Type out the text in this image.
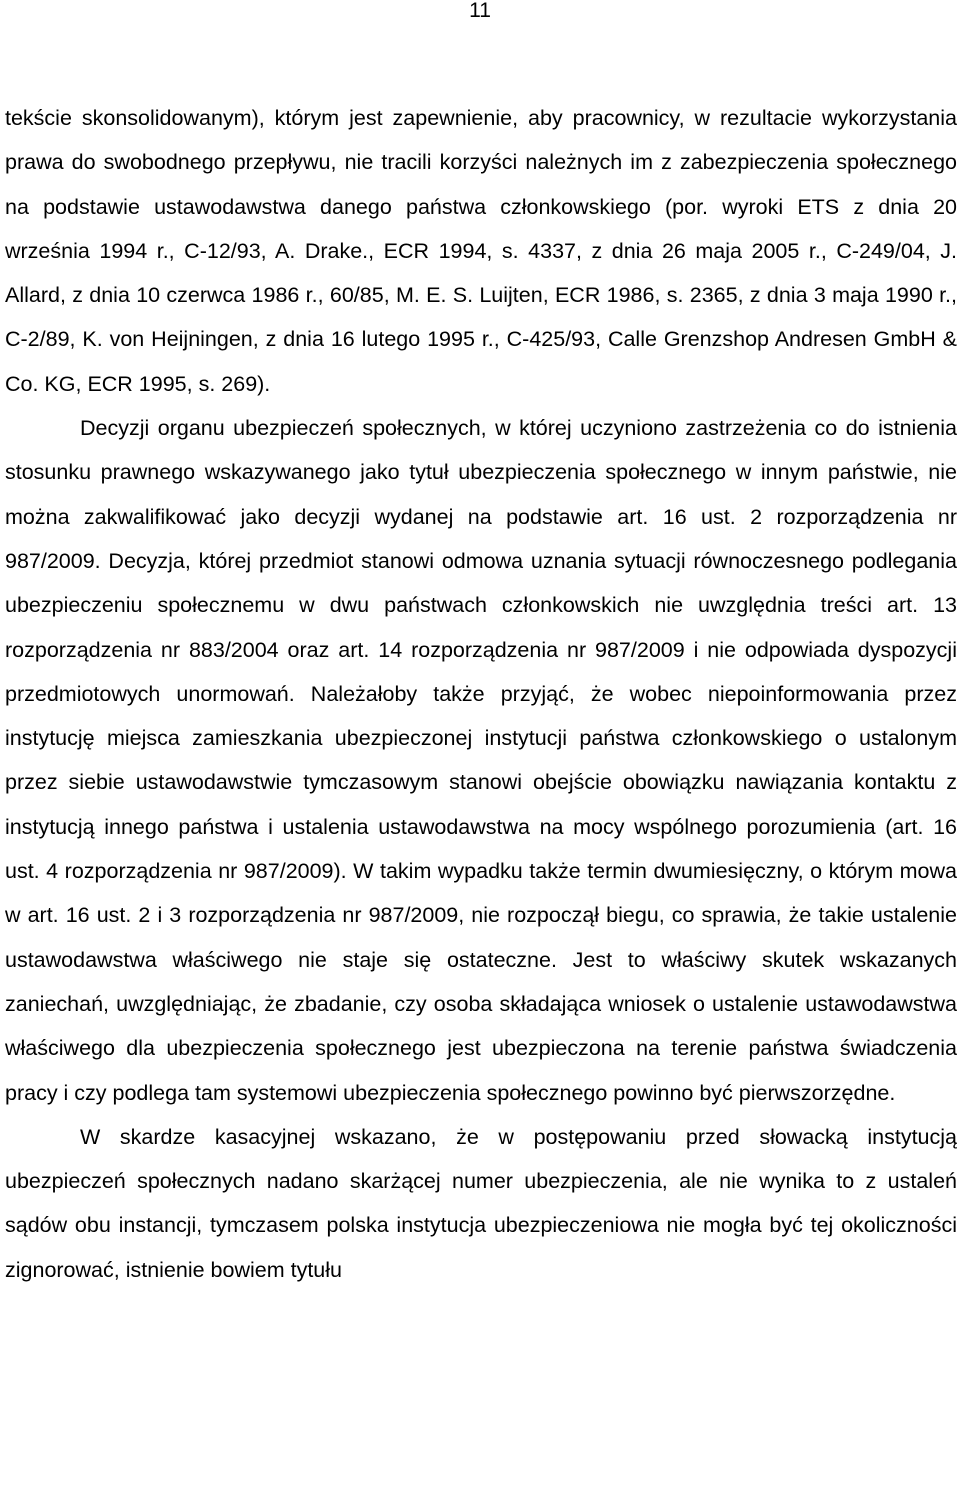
11

tekście skonsolidowanym), którym jest zapewnienie, aby pracownicy, w rezultacie wykorzystania prawa do swobodnego przepływu, nie tracili korzyści należnych im z zabezpieczenia społecznego na podstawie ustawodawstwa danego państwa członkowskiego (por. wyroki ETS z dnia 20 września 1994 r., C-12/93, A. Drake., ECR 1994, s. 4337, z dnia 26 maja 2005 r., C-249/04, J. Allard, z dnia 10 czerwca 1986 r., 60/85, M. E. S. Luijten, ECR 1986, s. 2365, z dnia 3 maja 1990 r., C-2/89, K. von Heijningen, z dnia 16 lutego 1995 r., C-425/93, Calle Grenzshop Andresen GmbH & Co. KG, ECR 1995, s. 269).

Decyzji organu ubezpieczeń społecznych, w której uczyniono zastrzeżenia co do istnienia stosunku prawnego wskazywanego jako tytuł ubezpieczenia społecznego w innym państwie, nie można zakwalifikować jako decyzji wydanej na podstawie art. 16 ust. 2 rozporządzenia nr 987/2009. Decyzja, której przedmiot stanowi odmowa uznania sytuacji równoczesnego podlegania ubezpieczeniu społecznemu w dwu państwach członkowskich nie uwzględnia treści art. 13 rozporządzenia nr 883/2004 oraz art. 14 rozporządzenia nr 987/2009 i nie odpowiada dyspozycji przedmiotowych unormowań. Należałoby także przyjąć, że wobec niepoinformowania przez instytucję miejsca zamieszkania ubezpieczonej instytucji państwa członkowskiego o ustalonym przez siebie ustawodawstwie tymczasowym stanowi obejście obowiązku nawiązania kontaktu z instytucją innego państwa i ustalenia ustawodawstwa na mocy wspólnego porozumienia (art. 16 ust. 4 rozporządzenia nr 987/2009). W takim wypadku także termin dwumiesięczny, o którym mowa w art. 16 ust. 2 i 3 rozporządzenia nr 987/2009, nie rozpoczął biegu, co sprawia, że takie ustalenie ustawodawstwa właściwego nie staje się ostateczne. Jest to właściwy skutek wskazanych zaniechań, uwzględniając, że zbadanie, czy osoba składająca wniosek o ustalenie ustawodawstwa właściwego dla ubezpieczenia społecznego jest ubezpieczona na terenie państwa świadczenia pracy i czy podlega tam systemowi ubezpieczenia społecznego powinno być pierwszorzędne.

W skardze kasacyjnej wskazano, że w postępowaniu przed słowacką instytucją ubezpieczeń społecznych nadano skarżącej numer ubezpieczenia, ale nie wynika to z ustaleń sądów obu instancji, tymczasem polska instytucja ubezpieczeniowa nie mogła być tej okoliczności zignorować, istnienie bowiem tytułu
